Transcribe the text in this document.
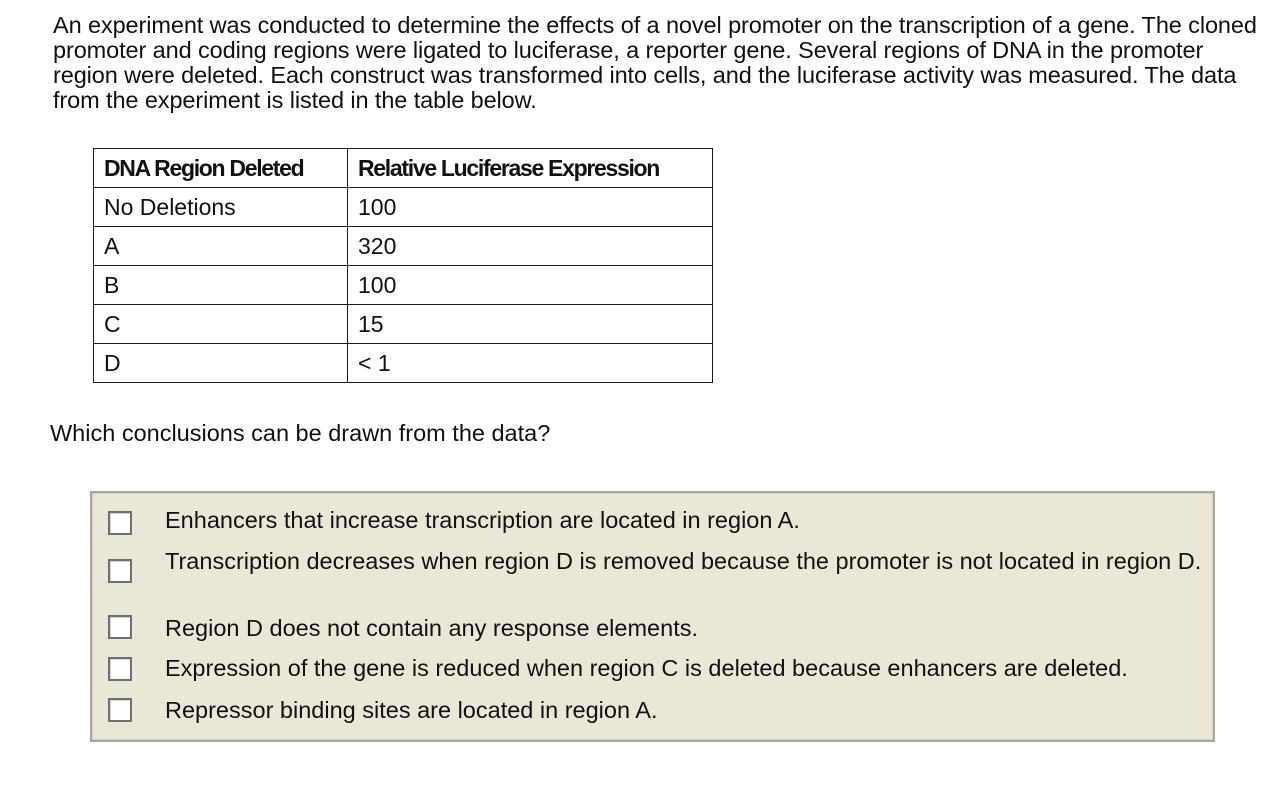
An experiment was conducted to determine the effects of a novel promoter on the transcription of a gene. The cloned promoter and coding regions were ligated to luciferase, a reporter gene. Several regions of DNA in the promoter region were deleted. Each construct was transformed into cells, and the luciferase activity was measured. The data from the experiment is listed in the table below.

DNA Region Deleted	Relative Luciferase Expression
No Deletions	100
A	320
B	100
C	15
D	< 1

Which conclusions can be drawn from the data?

Enhancers that increase transcription are located in region A.

Transcription decreases when region D is removed because the promoter is not located in region D.

Region D does not contain any response elements.

Expression of the gene is reduced when region C is deleted because enhancers are deleted.

Repressor binding sites are located in region A.
